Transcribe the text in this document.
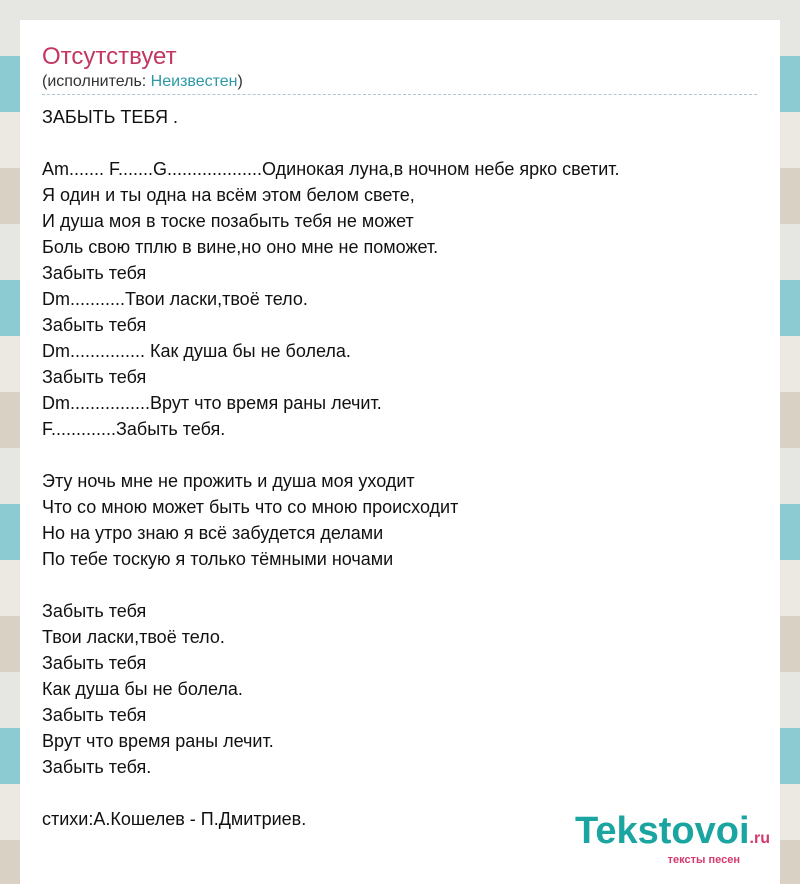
Отсутствует
(исполнитель: Неизвестен)
ЗАБЫТЬ ТЕБЯ .
Am....... F.......G...................Одинокая луна,в ночном небе ярко светит.
Я один и ты одна на всём этом белом свете,
И душа моя в тоске позабыть тебя не может
Боль свою тплю в вине,но оно мне не поможет.
Забыть тебя
Dm...........Твои ласки,твоё тело.
Забыть тебя
Dm............... Как душа бы не болела.
Забыть тебя
Dm................Врут что время раны лечит.
F.............Забыть тебя.
Эту ночь мне не прожить и душа моя уходит
Что со мною может быть что со мною происходит
Но на утро знаю я всё забудется делами
По тебе тоскую я только тёмными ночами
Забыть тебя
Твои ласки,твоё тело.
Забыть тебя
Как душа бы не болела.
Забыть тебя
Врут что время раны лечит.
Забыть тебя.
стихи:А.Кошелев - П.Дмитриев.	Tekstovoi.ru
тексты песен
